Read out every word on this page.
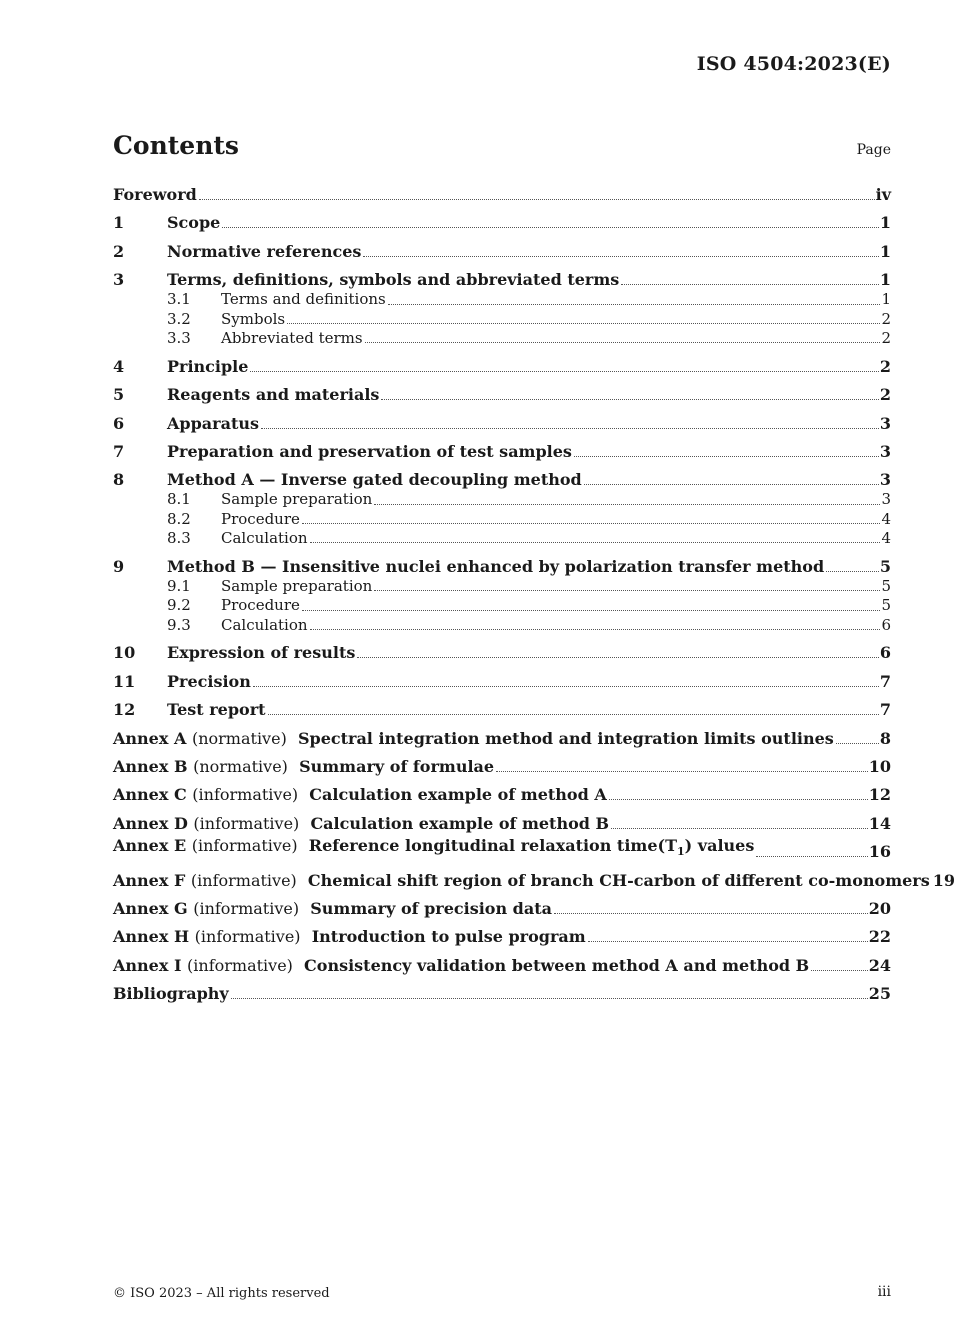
ISO 4504:2023(E)
Contents	Page
Foreword	iv
1	Scope	1
2	Normative references	1
3	Terms, definitions, symbols and abbreviated terms	1
3.1	Terms and definitions	1
3.2	Symbols	2
3.3	Abbreviated terms	2
4	Principle	2
5	Reagents and materials	2
6	Apparatus	3
7	Preparation and preservation of test samples	3
8	Method A — Inverse gated decoupling method	3
8.1	Sample preparation	3
8.2	Procedure	4
8.3	Calculation	4
9	Method B — Insensitive nuclei enhanced by polarization transfer method	5
9.1	Sample preparation	5
9.2	Procedure	5
9.3	Calculation	6
10	Expression of results	6
11	Precision	7
12	Test report	7
Annex A (normative) Spectral integration method and integration limits outlines	8
Annex B (normative) Summary of formulae	10
Annex C (informative) Calculation example of method A	12
Annex D (informative) Calculation example of method B	14
Annex E (informative) Reference longitudinal relaxation $time(T_1)$ values	16
Annex F (informative) Chemical shift region of branch CH-carbon of different co-monomers 19
Annex G (informative) Summary of precision data	20
Annex H (informative) Introduction to pulse program	22
Annex I (informative) Consistency validation between method A and method B	24
Bibliography	25
© ISO 2023 – All rights reserved	iii
